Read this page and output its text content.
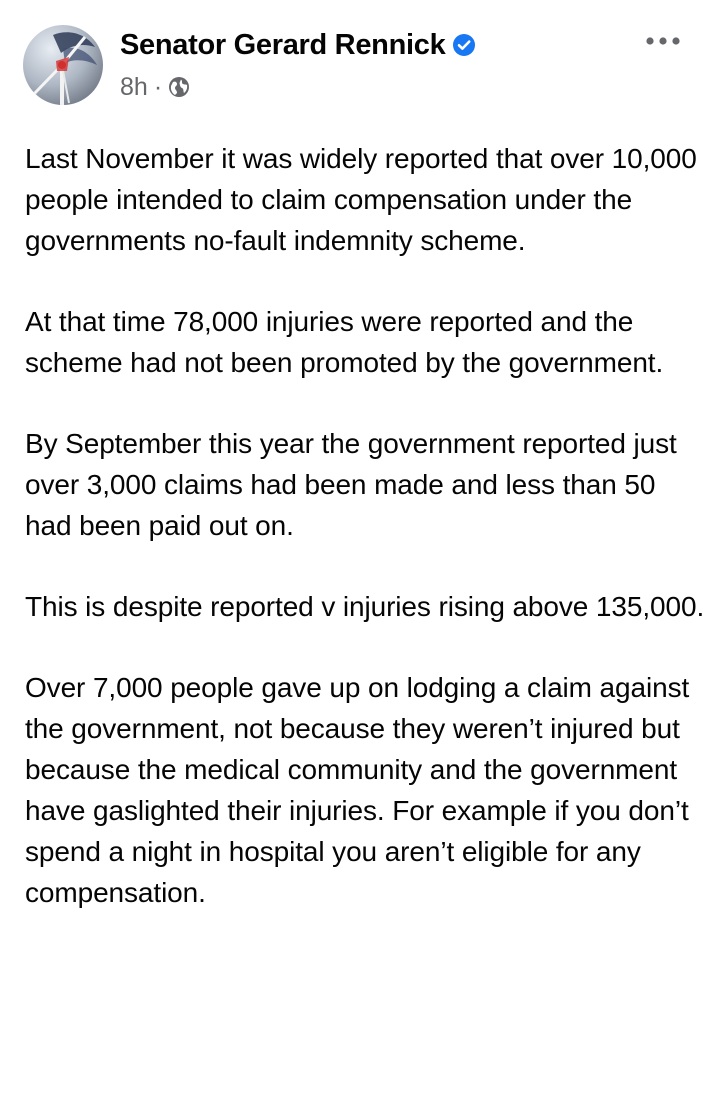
Senator Gerard Rennick
8h ·

Last November it was widely reported that over 10,000 people intended to claim compensation under the governments no-fault indemnity scheme.

At that time 78,000 injuries were reported and the scheme had not been promoted by the government.

By September this year the government reported just over 3,000 claims had been made and less than 50 had been paid out on.

This is despite reported v injuries rising above 135,000.

Over 7,000 people gave up on lodging a claim against the government, not because they weren’t injured but because the medical community and the government have gaslighted their injuries. For example if you don’t spend a night in hospital you aren’t eligible for any compensation.
